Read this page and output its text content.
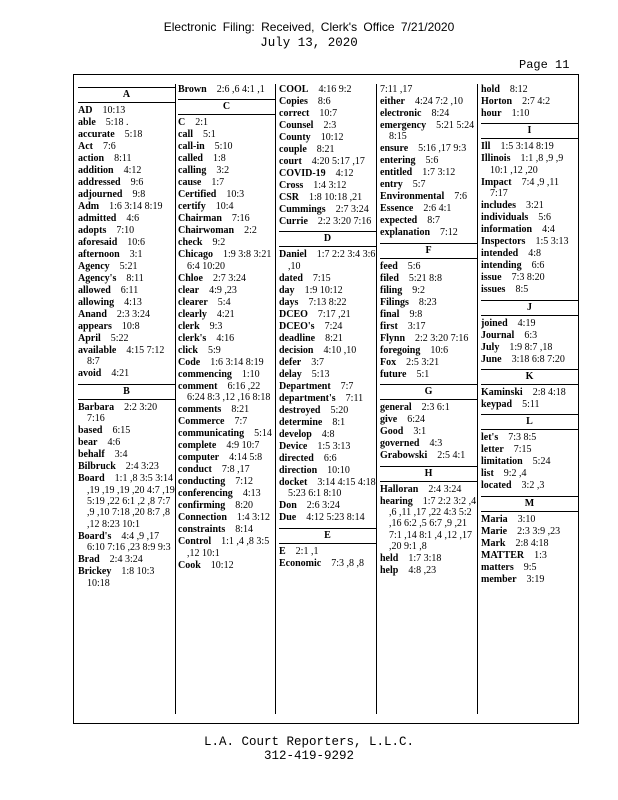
Electronic Filing: Received, Clerk's Office 7/21/2020
July 13, 2020
Page 11
A
AD  10:13
able  5:18 .
accurate  5:18
Act  7:6
action  8:11
addition  4:12
addressed  9:6
adjourned  9:8
Adm  1:6 3:14 8:19
admitted  4:6
adopts  7:10
aforesaid  10:6
afternoon  3:1
Agency  5:21
Agency's  8:11
allowed  6:11
allowing  4:13
Anand  2:3 3:24
appears  10:8
April  5:22
available  4:15 7:12 8:7
avoid  4:21
B
Barbara  2:2 3:20 7:16
based  6:15
bear  4:6
behalf  3:4
Bilbruck  2:4 3:23
Board  1:1 ,8 3:5 3:14 ,19 ,19 ,19 ,20 4:7 ,19 5:19 ,22 6:1 ,2 ,8 7:7 ,9 ,10 7:18 ,20 8:7 ,8 ,12 8:23 10:1
Board's  4:4 ,9 ,17 6:10 7:16 ,23 8:9 9:3
Brad  2:4 3:24
Brickey  1:8 10:3 10:18
Brown  2:6 ,6 4:1 ,1
C
C  2:1
call  5:1
call-in  5:10
called  1:8
calling  3:2
cause  1:7
Certified  10:3
certify  10:4
Chairman  7:16
Chairwoman  2:2
check  9:2
Chicago  1:9 3:8 3:21 6:4 10:20
Chloe  2:7 3:24
clear  4:9 ,23
clearer  5:4
clearly  4:21
clerk  9:3
clerk's  4:16
click  5:9
Code  1:6 3:14 8:19
commencing  1:10
comment  6:16 ,22 6:24 8:3 ,12 ,16 8:18
comments  8:21
Commerce  7:7
communicating  5:14
complete  4:9 10:7
computer  4:14 5:8
conduct  7:8 ,17
conducting  7:12
conferencing  4:13
confirming  8:20
Connection  1:4 3:12
constraints  8:14
Control  1:1 ,4 ,8 3:5 ,12 10:1
Cook  10:12
COOL  4:16 9:2
Copies  8:6
correct  10:7
Counsel  2:3
County  10:12
couple  8:21
court  4:20 5:17 ,17
COVID-19  4:12
Cross  1:4 3:12
CSR  1:8 10:18 ,21
Cummings  2:7 3:24
Currie  2:2 3:20 7:16
D
Daniel  1:7 2:2 3:4 3:6 ,10
dated  7:15
day  1:9 10:12
days  7:13 8:22
DCEO  7:17 ,21
DCEO's  7:24
deadline  8:21
decision  4:10 ,10
defer  3:7
delay  5:13
Department  7:7
department's  7:11
destroyed  5:20
determine  8:1
develop  4:8
Device  1:5 3:13
directed  6:6
direction  10:10
docket  3:14 4:15 4:18 5:23 6:1 8:10
Don  2:6 3:24
Due  4:12 5:23 8:14
E
E  2:1 ,1
Economic  7:3 ,8 ,8
7:11 ,17
either  4:24 7:2 ,10
electronic  8:24
emergency  5:21 5:24 8:15
ensure  5:16 ,17 9:3
entering  5:6
entitled  1:7 3:12
entry  5:7
Environmental  7:6
Essence  2:6 4:1
expected  8:7
explanation  7:12
F
feed  5:6
filed  5:21 8:8
filing  9:2
Filings  8:23
final  9:8
first  3:17
Flynn  2:2 3:20 7:16
foregoing  10:6
Fox  2:5 3:21
future  5:1
G
general  2:3 6:1
give  6:24
Good  3:1
governed  4:3
Grabowski  2:5 4:1
H
Halloran  2:4 3:24
hearing  1:7 2:2 3:2 ,4 ,6 ,11 ,17 ,22 4:3 5:2 ,16 6:2 ,5 6:7 ,9 ,21 7:1 ,14 8:1 ,4 ,12 ,17 ,20 9:1 ,8
held  1:7 3:18
help  4:8 ,23
hold  8:12
Horton  2:7 4:2
hour  1:10
I
Ill  1:5 3:14 8:19
Illinois  1:1 ,8 ,9 ,9 10:1 ,12 ,20
Impact  7:4 ,9 ,11 7:17
includes  3:21
individuals  5:6
information  4:4
Inspectors  1:5 3:13
intended  4:8
intending  6:6
issue  7:3 8:20
issues  8:5
J
joined  4:19
Journal  6:3
July  1:9 8:7 ,18
June  3:18 6:8 7:20
K
Kaminski  2:8 4:18
keypad  5:11
L
let's  7:3 8:5
letter  7:15
limitation  5:24
list  9:2 ,4
located  3:2 ,3
M
Maria  3:10
Marie  2:3 3:9 ,23
Mark  2:8 4:18
MATTER  1:3
matters  9:5
member  3:19
L.A. Court Reporters, L.L.C.
312-419-9292
